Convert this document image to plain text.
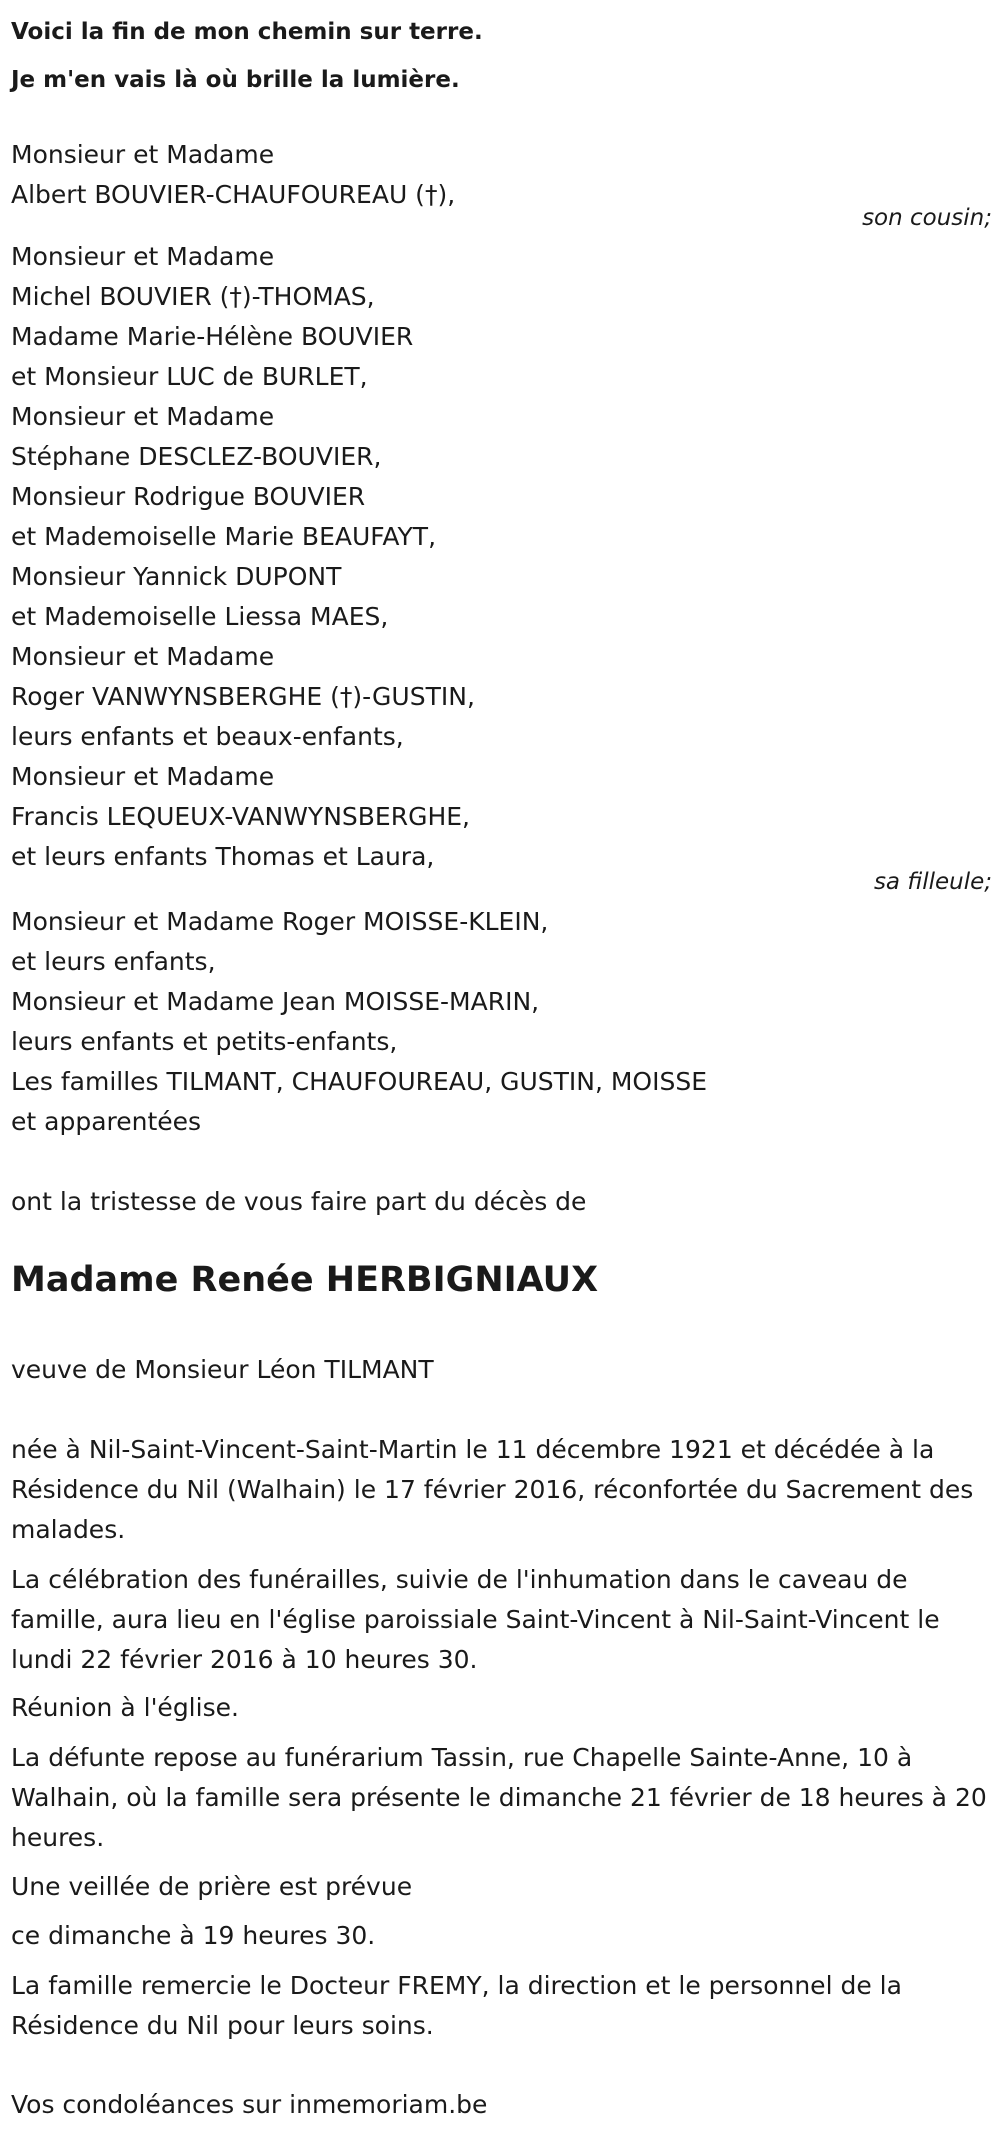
Voici la fin de mon chemin sur terre.

Je m'en vais là où brille la lumière.

Monsieur et Madame
Albert BOUVIER-CHAUFOUREAU (†),
son cousin;
Monsieur et Madame
Michel BOUVIER (†)-THOMAS,
Madame Marie-Hélène BOUVIER
et Monsieur LUC de BURLET,
Monsieur et Madame
Stéphane DESCLEZ-BOUVIER,
Monsieur Rodrigue BOUVIER
et Mademoiselle Marie BEAUFAYT,
Monsieur Yannick DUPONT
et Mademoiselle Liessa MAES,
Monsieur et Madame
Roger VANWYNSBERGHE (†)-GUSTIN,
leurs enfants et beaux-enfants,
Monsieur et Madame
Francis LEQUEUX-VANWYNSBERGHE,
et leurs enfants Thomas et Laura,
sa filleule;
Monsieur et Madame Roger MOISSE-KLEIN,
et leurs enfants,
Monsieur et Madame Jean MOISSE-MARIN,
leurs enfants et petits-enfants,
Les familles TILMANT, CHAUFOUREAU, GUSTIN, MOISSE
et apparentées
ont la tristesse de vous faire part du décès de
Madame Renée HERBIGNIAUX
veuve de Monsieur Léon TILMANT

née à Nil-Saint-Vincent-Saint-Martin le 11 décembre 1921 et décédée à la Résidence du Nil (Walhain) le 17 février 2016, réconfortée du Sacrement des malades.

La célébration des funérailles, suivie de l'inhumation dans le caveau de famille, aura lieu en l'église paroissiale Saint-Vincent à Nil-Saint-Vincent le lundi 22 février 2016 à 10 heures 30.

Réunion à l'église.

La défunte repose au funérarium Tassin, rue Chapelle Sainte-Anne, 10 à Walhain, où la famille sera présente le dimanche 21 février de 18 heures à 20 heures.

Une veillée de prière est prévue

ce dimanche à 19 heures 30.

La famille remercie le Docteur FREMY, la direction et le personnel de la Résidence du Nil pour leurs soins.

Vos condoléances sur inmemoriam.be
